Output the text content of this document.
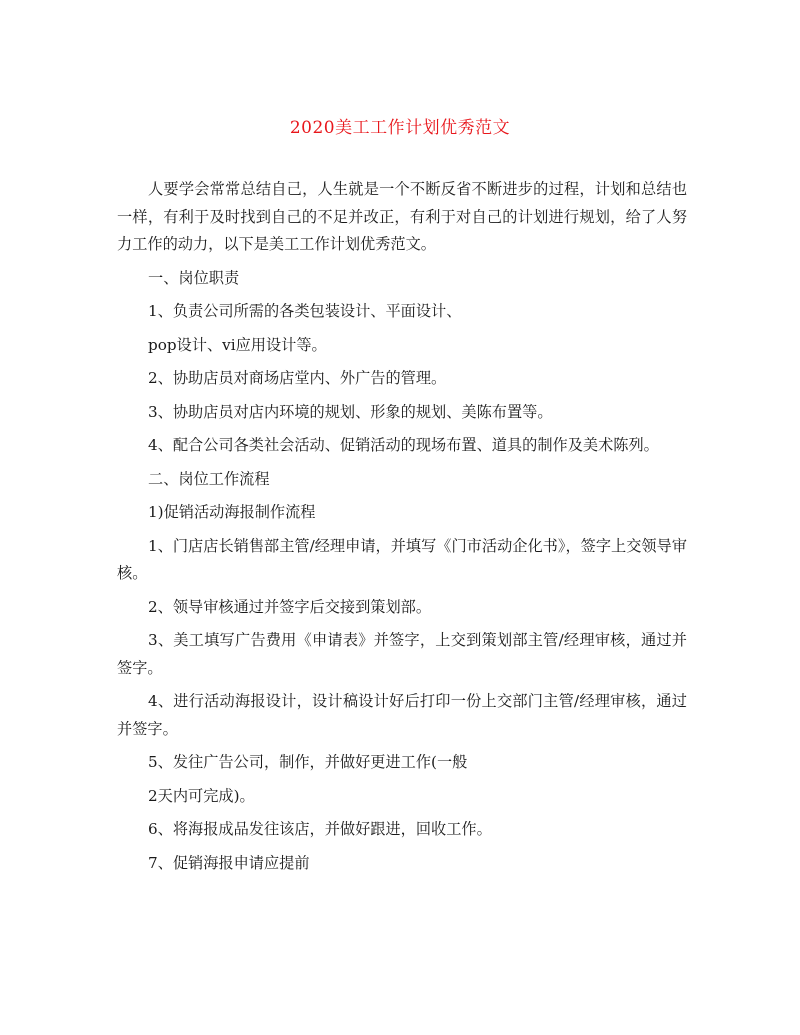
2020美工工作计划优秀范文

人要学会常常总结自己，人生就是一个不断反省不断进步的过程，计划和总结也一样，有利于及时找到自己的不足并改正，有利于对自己的计划进行规划，给了人努力工作的动力，以下是美工工作计划优秀范文。

一、岗位职责

1、负责公司所需的各类包装设计、平面设计、

pop设计、vi应用设计等。

2、协助店员对商场店堂内、外广告的管理。

3、协助店员对店内环境的规划、形象的规划、美陈布置等。

4、配合公司各类社会活动、促销活动的现场布置、道具的制作及美术陈列。

二、岗位工作流程

1)促销活动海报制作流程

1、门店店长销售部主管/经理申请，并填写《门市活动企化书》，签字上交领导审核。

2、领导审核通过并签字后交接到策划部。

3、美工填写广告费用《申请表》并签字，上交到策划部主管/经理审核，通过并签字。

4、进行活动海报设计，设计稿设计好后打印一份上交部门主管/经理审核，通过并签字。

5、发往广告公司，制作，并做好更进工作(一般

2天内可完成)。

6、将海报成品发往该店，并做好跟进，回收工作。

7、促销海报申请应提前
